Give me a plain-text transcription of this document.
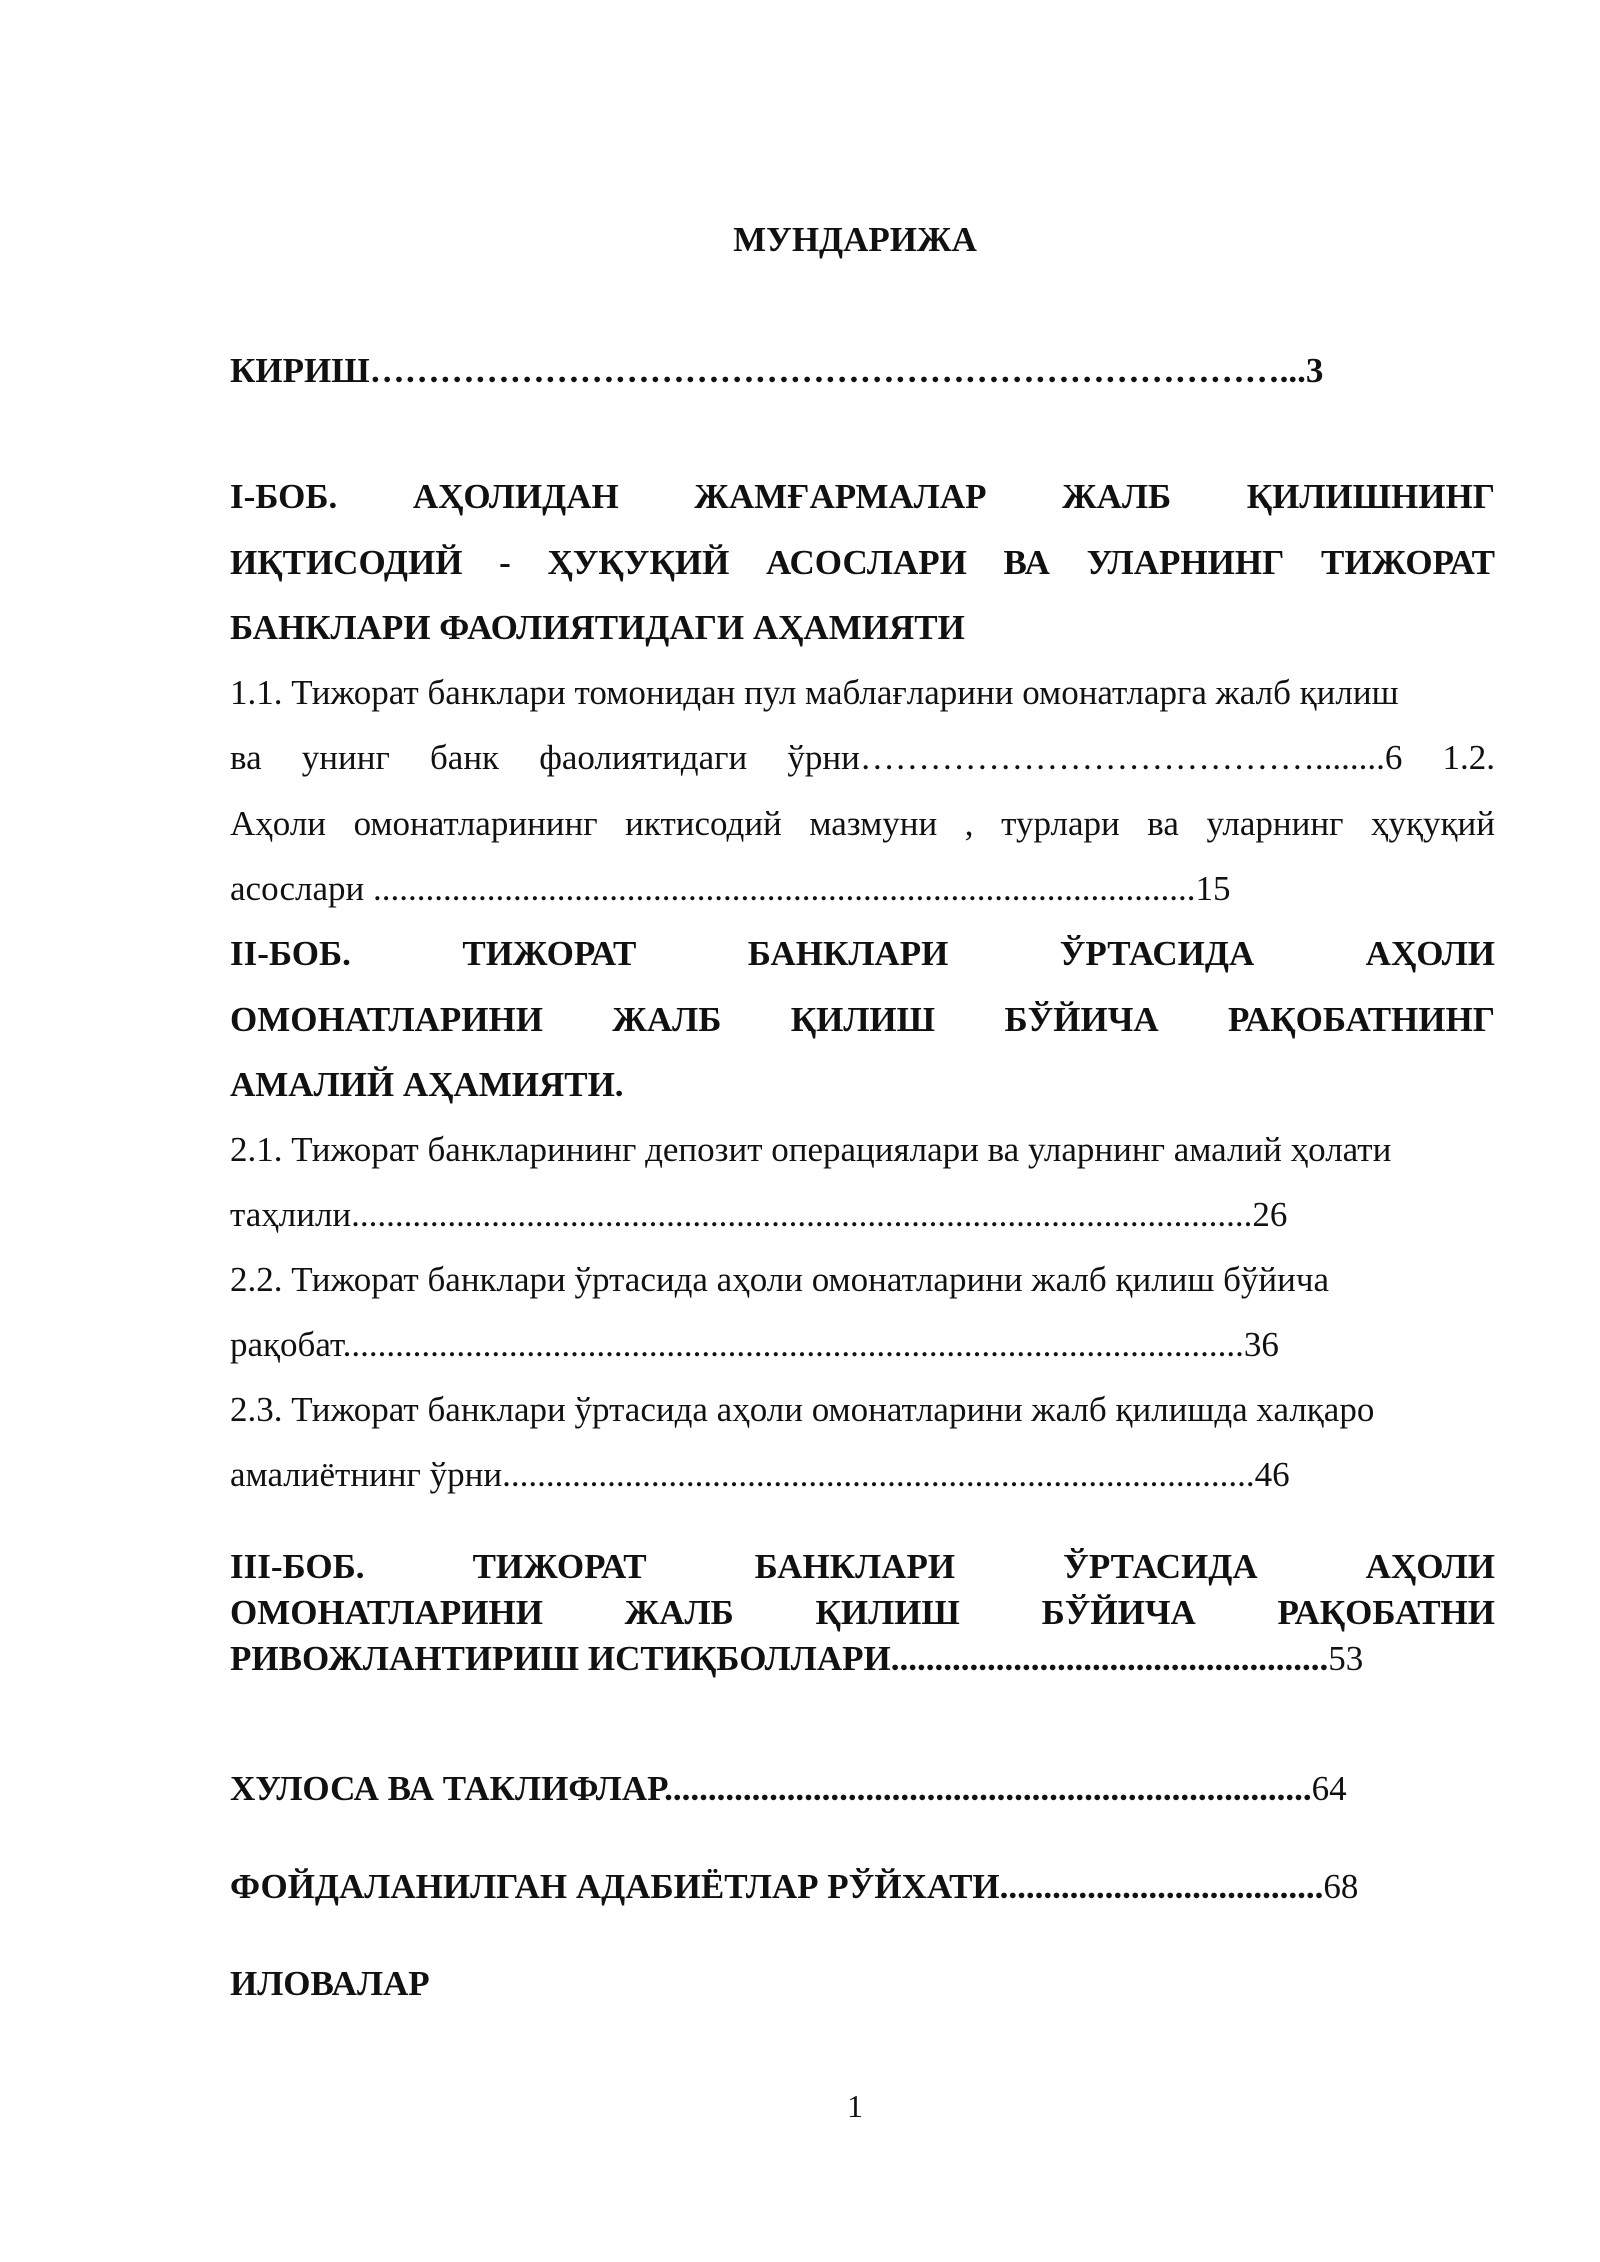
МУНДАРИЖА
КИРИШ……………………………………………………………………...3
I-БОБ. АҲОЛИДАН ЖАМҒАРМАЛАР ЖАЛБ ҚИЛИШНИНГ
ИҚТИСОДИЙ - ҲУҚУҚИЙ АСОСЛАРИ ВА УЛАРНИНГ ТИЖОРАТ
БАНКЛАРИ ФАОЛИЯТИДАГИ АҲАМИЯТИ
1.1. Тижорат банклари томонидан пул маблағларини омонатларга жалб қилиш
ва унинг банк фаолиятидаги ўрни…………………………………........6 1.2.
Аҳоли омонатларининг иктисодий мазмуни , турлари ва уларнинг ҳуқуқий
асослари ..............................................................................................15
II-БОБ. ТИЖОРАТ БАНКЛАРИ ЎРТАСИДА АҲОЛИ
ОМОНАТЛАРИНИ ЖАЛБ ҚИЛИШ БЎЙИЧА РАҚОБАТНИНГ
АМАЛИЙ АҲАМИЯТИ.
2.1. Тижорат банкларининг депозит операциялари ва уларнинг амалий ҳолати
таҳлили.......................................................................................................26
2.2. Тижорат банклари ўртасида аҳоли омонатларини жалб қилиш бўйича
рақобат.......................................................................................................36
2.3. Тижорат банклари ўртасида аҳоли омонатларини жалб қилишда халқаро
амалиётнинг ўрни......................................................................................46
III-БОБ. ТИЖОРАТ БАНКЛАРИ ЎРТАСИДА АҲОЛИ
ОМОНАТЛАРИНИ ЖАЛБ ҚИЛИШ БЎЙИЧА РАҚОБАТНИ
РИВОЖЛАНТИРИШ ИСТИҚБОЛЛАРИ..................................................53
ХУЛОСА ВА ТАКЛИФЛАР..........................................................................64
ФОЙДАЛАНИЛГАН АДАБИЁТЛАР РЎЙХАТИ.....................................68
ИЛОВАЛАР
1
